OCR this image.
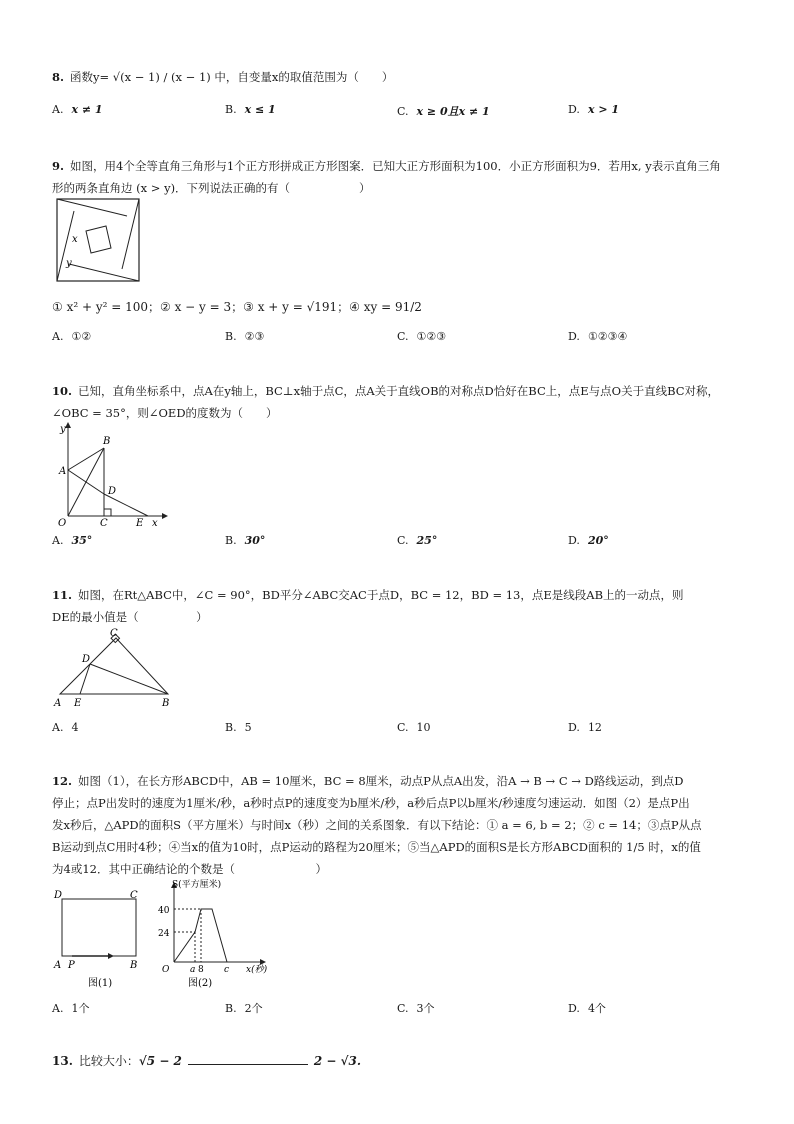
8. 函数y= √(x − 1) / (x − 1) 中，自变量x的取值范围为（　　）
A. x ≠ 1	B. x ≤ 1	C. x ≥ 0且x ≠ 1	D. x > 1
9. 如图，用4个全等直角三角形与1个正方形拼成正方形图案．已知大正方形面积为100．小正方形面积为9．若用x, y表示直角三角
形的两条直角边 (x > y)．下列说法正确的有（　　　　　　）
x
y
① x² + y² = 100；② x − y = 3；③ x + y = √191；④ xy = 91/2
A. ①②	B. ②③	C. ①②③	D. ①②③④
10. 已知，直角坐标系中，点A在y轴上，BC⊥x轴于点C，点A关于直线OB的对称点D恰好在BC上，点E与点O关于直线BC对称，
∠OBC = 35°，则∠OED的度数为（　　）
y
B
A
D
O	C	E x
A. 35°	B. 30°	C. 25°	D. 20°
11. 如图，在Rt△ABC中，∠C = 90°，BD平分∠ABC交AC于点D，BC = 12，BD = 13，点E是线段AB上的一动点，则
DE的最小值是（　　　　　）
C
D
A E	B
A. 4	B. 5	C. 10	D. 12
12. 如图（1），在长方形ABCD中，AB = 10厘米，BC = 8厘米，动点P从点A出发，沿A → B → C → D路线运动，到点D
停止；点P出发时的速度为1厘米/秒，a秒时点P的速度变为b厘米/秒，a秒后点P以b厘米/秒速度匀速运动．如图（2）是点P出
发x秒后，△APD的面积S（平方厘米）与时间x（秒）之间的关系图象．有以下结论：① a = 6, b = 2；② c = 14；③点P从点
B运动到点C用时4秒；④当x的值为10时，点P运动的路程为20厘米；⑤当△APD的面积S是长方形ABCD面积的 1/5 时，x的值
为4或12．其中正确结论的个数是（　　　　　　　）
D	C
A P	B
图(1)
S(平方厘米)
40
24
O a 8 c x(秒)
图(2)
A. 1个	B. 2个	C. 3个	D. 4个
13. 比较大小：√5 − 2	2 − √3.
